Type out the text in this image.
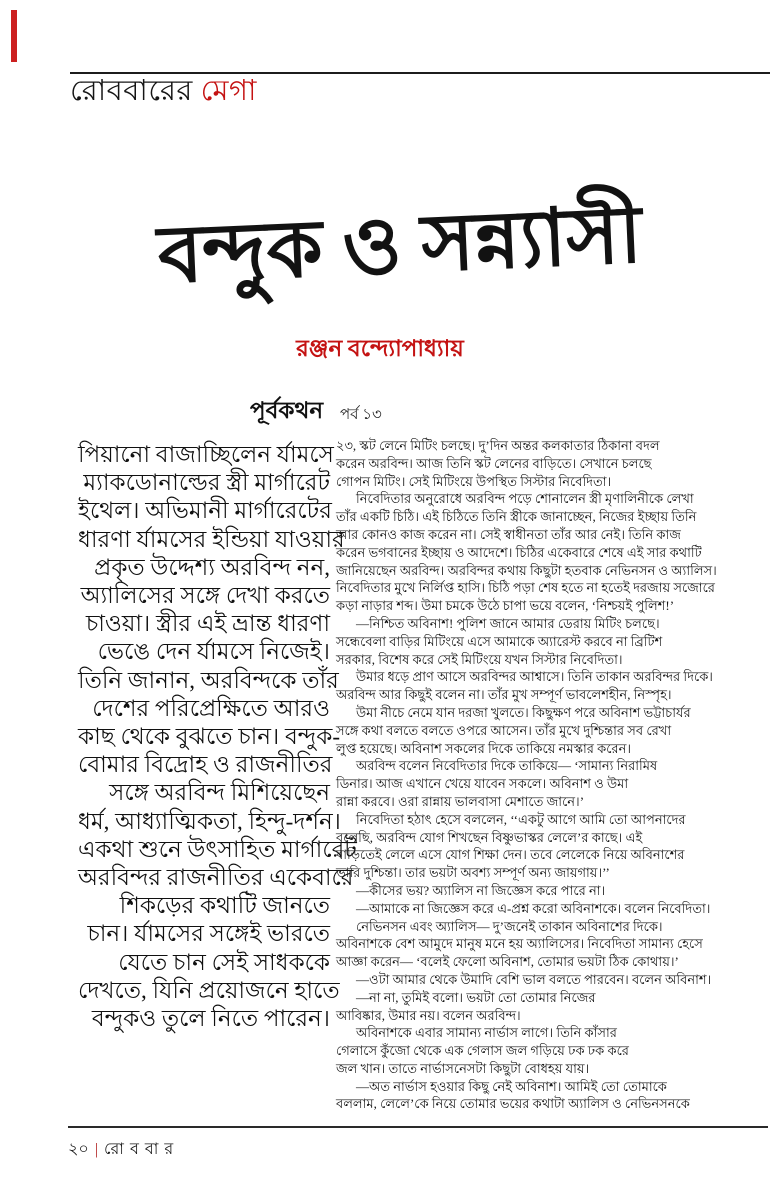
রোববারের মেগা
বন্দুক ও সন্ন্যাসী
রঞ্জন বন্দ্যোপাধ্যায়
পূর্বকথন পর্ব ১৩
পিয়ানো বাজাচ্ছিলেন র্যামসে
ম্যাকডোনাল্ডের স্ত্রী মার্গারেট
ইথেল। অভিমানী মার্গারেটের
ধারণা র্যামসের ইন্ডিয়া যাওয়ার
প্রকৃত উদ্দেশ্য অরবিন্দ নন,
অ্যালিসের সঙ্গে দেখা করতে
চাওয়া। স্ত্রীর এই ভ্রান্ত ধারণা
ভেঙে দেন র্যামসে নিজেই।
তিনি জানান, অরবিন্দকে তাঁর
দেশের পরিপ্রেক্ষিতে আরও
কাছ থেকে বুঝতে চান। বন্দুক-
বোমার বিদ্রোহ ও রাজনীতির
সঙ্গে অরবিন্দ মিশিয়েছেন
ধর্ম, আধ্যাত্মিকতা, হিন্দু-দর্শন।
একথা শুনে উৎসাহিত মার্গারেট
অরবিন্দর রাজনীতির একেবারে
শিকড়ের কথাটি জানতে
চান। র্যামসের সঙ্গেই ভারতে
যেতে চান সেই সাধককে
দেখতে, যিনি প্রয়োজনে হাতে
বন্দুকও তুলে নিতে পারেন।
২৩, স্কট লেনে মিটিং চলছে। দু’দিন অন্তর কলকাতার ঠিকানা বদল
করেন অরবিন্দ। আজ তিনি স্কট লেনের বাড়িতে। সেখানে চলছে
গোপন মিটিং। সেই মিটিংয়ে উপস্থিত সিস্টার নিবেদিতা।
নিবেদিতার অনুরোধে অরবিন্দ পড়ে শোনালেন স্ত্রী মৃণালিনীকে লেখা
তাঁর একটি চিঠি। এই চিঠিতে তিনি স্ত্রীকে জানাচ্ছেন, নিজের ইচ্ছায় তিনি
আর কোনও কাজ করেন না। সেই স্বাধীনতা তাঁর আর নেই। তিনি কাজ
করেন ভগবানের ইচ্ছায় ও আদেশে। চিঠির একেবারে শেষে এই সার কথাটি
জানিয়েছেন অরবিন্দ। অরবিন্দর কথায় কিছুটা হতবাক নেভিনসন ও অ্যালিস।
নিবেদিতার মুখে নির্লিপ্ত হাসি। চিঠি পড়া শেষ হতে না হতেই দরজায় সজোরে
কড়া নাড়ার শব্দ। উমা চমকে উঠে চাপা ভয়ে বলেন, ‘নিশ্চয়ই পুলিশ!’
—নিশ্চিত অবিনাশ! পুলিশ জানে আমার ডেরায় মিটিং চলছে।
সন্ধেবেলা বাড়ির মিটিংয়ে এসে আমাকে অ্যারেস্ট করবে না ব্রিটিশ
সরকার, বিশেষ করে সেই মিটিংয়ে যখন সিস্টার নিবেদিতা।
উমার ধড়ে প্রাণ আসে অরবিন্দর আশ্বাসে। তিনি তাকান অরবিন্দর দিকে।
অরবিন্দ আর কিছুই বলেন না। তাঁর মুখ সম্পূর্ণ ভাবলেশহীন, নিস্পৃহ।
উমা নীচে নেমে যান দরজা খুলতে। কিছুক্ষণ পরে অবিনাশ ভট্টাচার্যর
সঙ্গে কথা বলতে বলতে ওপরে আসেন। তাঁর মুখে দুশ্চিন্তার সব রেখা
লুপ্ত হয়েছে। অবিনাশ সকলের দিকে তাকিয়ে নমস্কার করেন।
অরবিন্দ বলেন নিবেদিতার দিকে তাকিয়ে— ‘সামান্য নিরামিষ
ডিনার। আজ এখানে খেয়ে যাবেন সকলে। অবিনাশ ও উমা
রান্না করবে। ওরা রান্নায় ভালবাসা মেশাতে জানে।’
নিবেদিতা হঠাৎ হেসে বললেন, ‘‘একটু আগে আমি তো আপনাদের
বলেছি, অরবিন্দ যোগ শিখছেন বিষ্ণুভাস্কর লেলে’র কাছে। এই
বাড়িতেই লেলে এসে যোগ শিক্ষা দেন। তবে লেলেকে নিয়ে অবিনাশের
ভারি দুশ্চিন্তা। তার ভয়টা অবশ্য সম্পূর্ণ অন্য জায়গায়।’’
—কীসের ভয়? অ্যালিস না জিজ্ঞেস করে পারে না।
—আমাকে না জিজ্ঞেস করে এ-প্রশ্ন করো অবিনাশকে। বলেন নিবেদিতা।
নেভিনসন এবং অ্যালিস— দু’জনেই তাকান অবিনাশের দিকে।
অবিনাশকে বেশ আমুদে মানুষ মনে হয় অ্যালিসের। নিবেদিতা সামান্য হেসে
আজ্ঞা করেন— ‘বলেই ফেলো অবিনাশ, তোমার ভয়টা ঠিক কোথায়।’
—ওটা আমার থেকে উমাদি বেশি ভাল বলতে পারবেন। বলেন অবিনাশ।
—না না, তুমিই বলো। ভয়টা তো তোমার নিজের
আবিষ্কার, উমার নয়। বলেন অরবিন্দ।
অবিনাশকে এবার সামান্য নার্ভাস লাগে। তিনি কাঁসার
গেলাসে কুঁজো থেকে এক গেলাস জল গড়িয়ে ঢক ঢক করে
জল খান। তাতে নার্ভাসনেসটা কিছুটা বোধহয় যায়।
—অত নার্ভাস হওয়ার কিছু নেই অবিনাশ। আমিই তো তোমাকে
বললাম, লেলে’কে নিয়ে তোমার ভয়ের কথাটা অ্যালিস ও নেভিনসনকে
২০ | রো ব বা র
